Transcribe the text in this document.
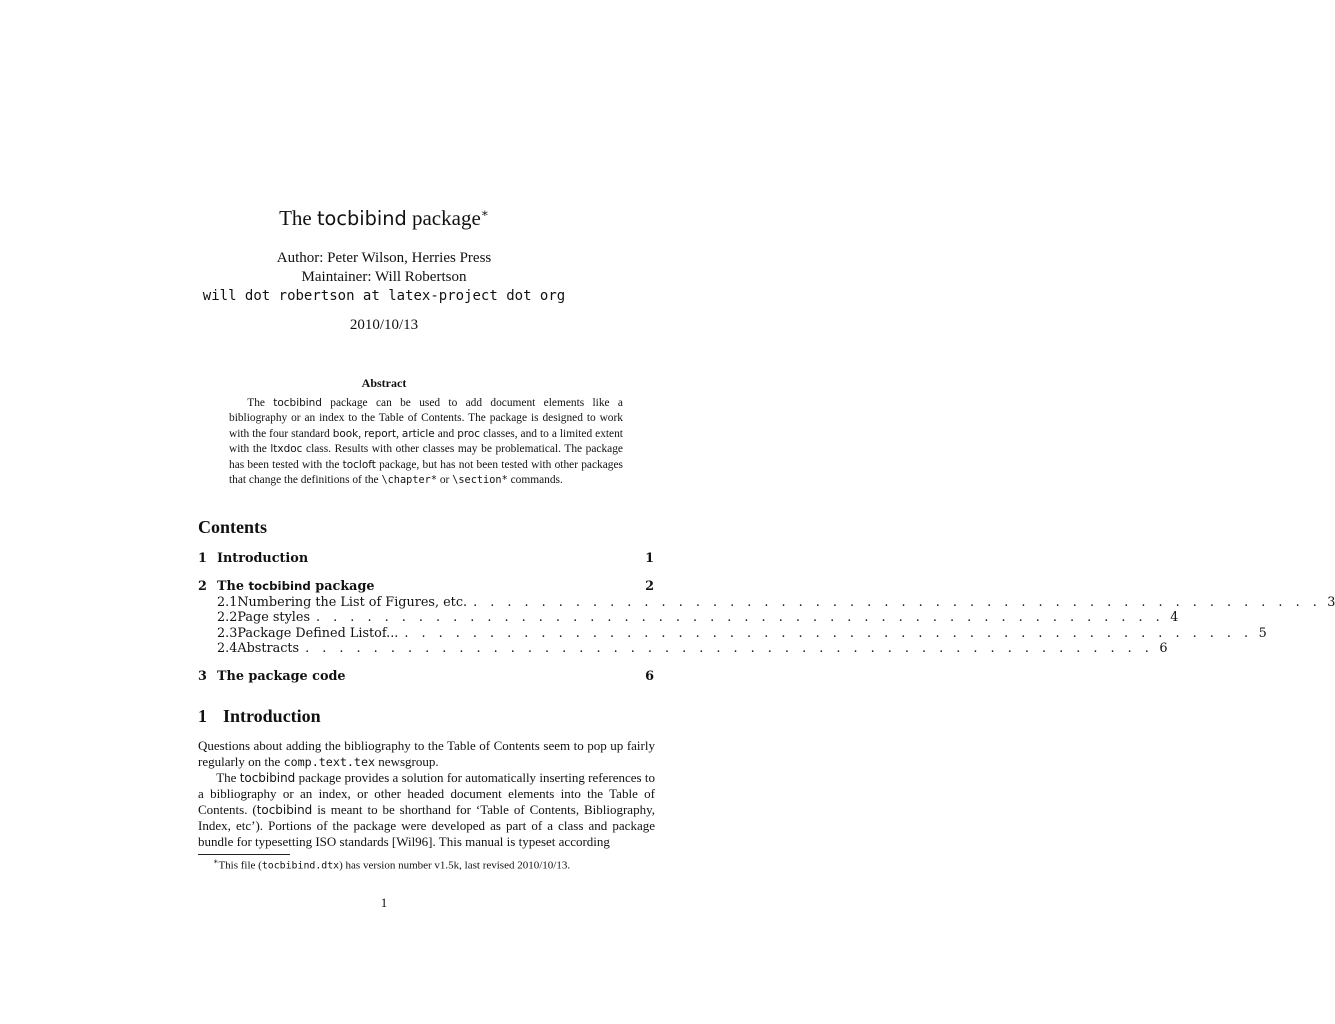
The tocbibind package∗
Author: Peter Wilson, Herries Press
Maintainer: Will Robertson
will dot robertson at latex-project dot org
2010/10/13
Abstract
The tocbibind package can be used to add document elements like a bibliography or an index to the Table of Contents. The package is designed to work with the four standard book, report, article and proc classes, and to a limited extent with the ltxdoc class. Results with other classes may be problematical. The package has been tested with the tocloft package, but has not been tested with other packages that change the definitions of the \chapter* or \section* commands.
Contents
1 Introduction	1
2 The tocbibind package	2
2.1 Numbering the List of Figures, etc. . . . . . . . . . . . . . . . . . . . . . . . . . . . . . . . . . . . . . . . . . . . . . . . . . . 3
2.2 Page styles . . . . . . . . . . . . . . . . . . . . . . . . . . . . . . . . . . . . . . . . . . . . . . . . . . 4
2.3 Package Defined Listof... . . . . . . . . . . . . . . . . . . . . . . . . . . . . . . . . . . . . . . . . . . . . . . . . . . 5
2.4 Abstracts . . . . . . . . . . . . . . . . . . . . . . . . . . . . . . . . . . . . . . . . . . . . . . . . . . 6
3 The package code	6
1 Introduction

Questions about adding the bibliography to the Table of Contents seem to pop up fairly regularly on the comp.text.tex newsgroup.

The tocbibind package provides a solution for automatically inserting references to a bibliography or an index, or other headed document elements into the Table of Contents. (tocbibind is meant to be shorthand for ‘Table of Contents, Bibliography, Index, etc’). Portions of the package were developed as part of a class and package bundle for typesetting ISO standards [Wil96]. This manual is typeset according

∗This file (tocbibind.dtx) has version number v1.5k, last revised 2010/10/13.
1
